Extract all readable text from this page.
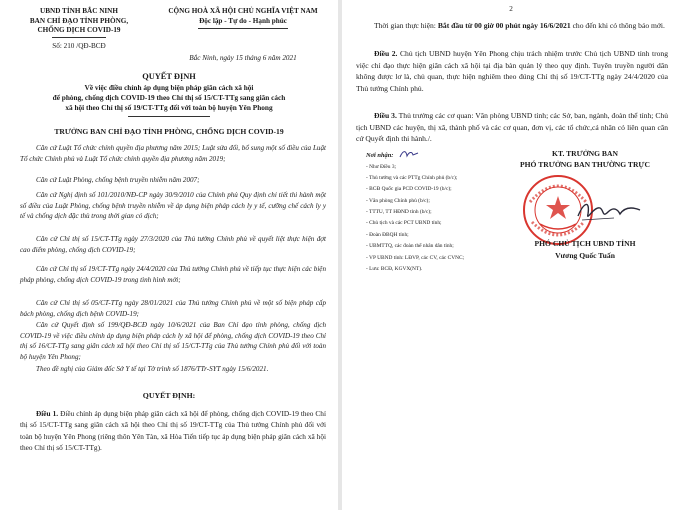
UBND TỈNH BẮC NINH
BAN CHỈ ĐẠO TỈNH PHÒNG,
CHỐNG DỊCH COVID-19
Số: 210 /QĐ-BCĐ
CỘNG HOÀ XÃ HỘI CHỦ NGHĨA VIỆT NAM
Độc lập - Tự do - Hạnh phúc
Bắc Ninh, ngày 15 tháng 6 năm 2021
QUYẾT ĐỊNH
Về việc điều chỉnh áp dụng biện pháp giãn cách xã hội
để phòng, chống dịch COVID-19 theo Chỉ thị số 15/CT-TTg sang giãn cách
xã hội theo Chỉ thị số 19/CT-TTg đối với toàn bộ huyện Yên Phong
TRƯỞNG BAN CHỈ ĐẠO TỈNH PHÒNG, CHỐNG DỊCH COVID-19
Căn cứ Luật Tổ chức chính quyền địa phương năm 2015; Luật sửa đổi, bổ sung một số điều của Luật Tổ chức Chính phủ và Luật Tổ chức chính quyền địa phương năm 2019;
Căn cứ Luật Phòng, chống bệnh truyền nhiễm năm 2007;
Căn cứ Nghị định số 101/2010/NĐ-CP ngày 30/9/2010 của Chính phủ Quy định chi tiết thi hành một số điều của Luật Phòng, chống bệnh truyền nhiễm về áp dụng biện pháp cách ly y tế, cưỡng chế cách ly y tế và chống dịch đặc thù trong thời gian có dịch;
Căn cứ Chỉ thị số 15/CT-TTg ngày 27/3/2020 của Thủ tướng Chính phủ về quyết liệt thực hiện đợt cao điểm phòng, chống dịch COVID-19;
Căn cứ Chỉ thị số 19/CT-TTg ngày 24/4/2020 của Thủ tướng Chính phủ về tiếp tục thực hiện các biện pháp phòng, chống dịch COVID-19 trong tình hình mới;
Căn cứ Chỉ thị số 05/CT-TTg ngày 28/01/2021 của Thủ tướng Chính phủ về một số biện pháp cấp bách phòng, chống dịch bệnh COVID-19;
Căn cứ Quyết định số 199/QĐ-BCĐ ngày 10/6/2021 của Ban Chỉ đạo tỉnh phòng, chống dịch COVID-19 về việc điều chỉnh áp dụng biện pháp cách ly xã hội để phòng, chống dịch COVID-19 theo Chỉ thị số 16/CT-TTg sang giãn cách xã hội theo Chỉ thị số 15/CT-TTg của Thủ tướng Chính phủ đối với toàn bộ huyện Yên Phong;
Theo đề nghị của Giám đốc Sở Y tế tại Tờ trình số 1876/TTr-SYT ngày 15/6/2021.
QUYẾT ĐỊNH:
Điều 1. Điều chỉnh áp dụng biện pháp giãn cách xã hội để phòng, chống dịch COVID-19 theo Chỉ thị số 15/CT-TTg sang giãn cách xã hội theo Chỉ thị số 19/CT-TTg của Thủ tướng Chính phủ đối với toàn bộ huyện Yên Phong (riêng thôn Yên Tàn, xã Hòa Tiến tiếp tục áp dụng biện pháp giãn cách xã hội theo Chỉ thị số 15/CT-TTg).
2
Thời gian thực hiện: Bắt đầu từ 00 giờ 00 phút ngày 16/6/2021 cho đến khi có thông báo mới.
Điều 2. Chủ tịch UBND huyện Yên Phong chịu trách nhiệm trước Chủ tịch UBND tỉnh trong việc chỉ đạo thực hiện giãn cách xã hội tại địa bàn quản lý theo quy định. Tuyên truyền người dân không được lơ là, chủ quan, thực hiện nghiêm theo đúng Chỉ thị số 19/CT-TTg ngày 24/4/2020 của Thủ tướng Chính phủ.
Điều 3. Thủ trưởng các cơ quan: Văn phòng UBND tỉnh; các Sở, ban, ngành, đoàn thể tỉnh; Chủ tịch UBND các huyện, thị xã, thành phố và các cơ quan, đơn vị, các tổ chức,cá nhân có liên quan căn cứ Quyết định thi hành./.
Nơi nhận:
- Như Điều 3;
- Thủ tướng và các PTTg Chính phủ (b/c);
- BCĐ Quốc gia PCD COVID-19 (b/c);
- Văn phòng Chính phủ (b/c);
- TTTU, TT HĐND tỉnh (b/c);
- Chủ tịch và các PCT UBND tỉnh;
- Đoàn ĐBQH tỉnh;
- UBMTTQ, các đoàn thể nhân dân tỉnh;
- VP UBND tỉnh: LĐVP, các CV, các CVNC;
- Lưu: BCĐ, KGVX(NT).
KT. TRƯỞNG BAN
PHÓ TRƯỞNG BAN THƯỜNG TRỰC
PHÓ CHỦ TỊCH UBND TỈNH
Vương Quốc Tuấn
